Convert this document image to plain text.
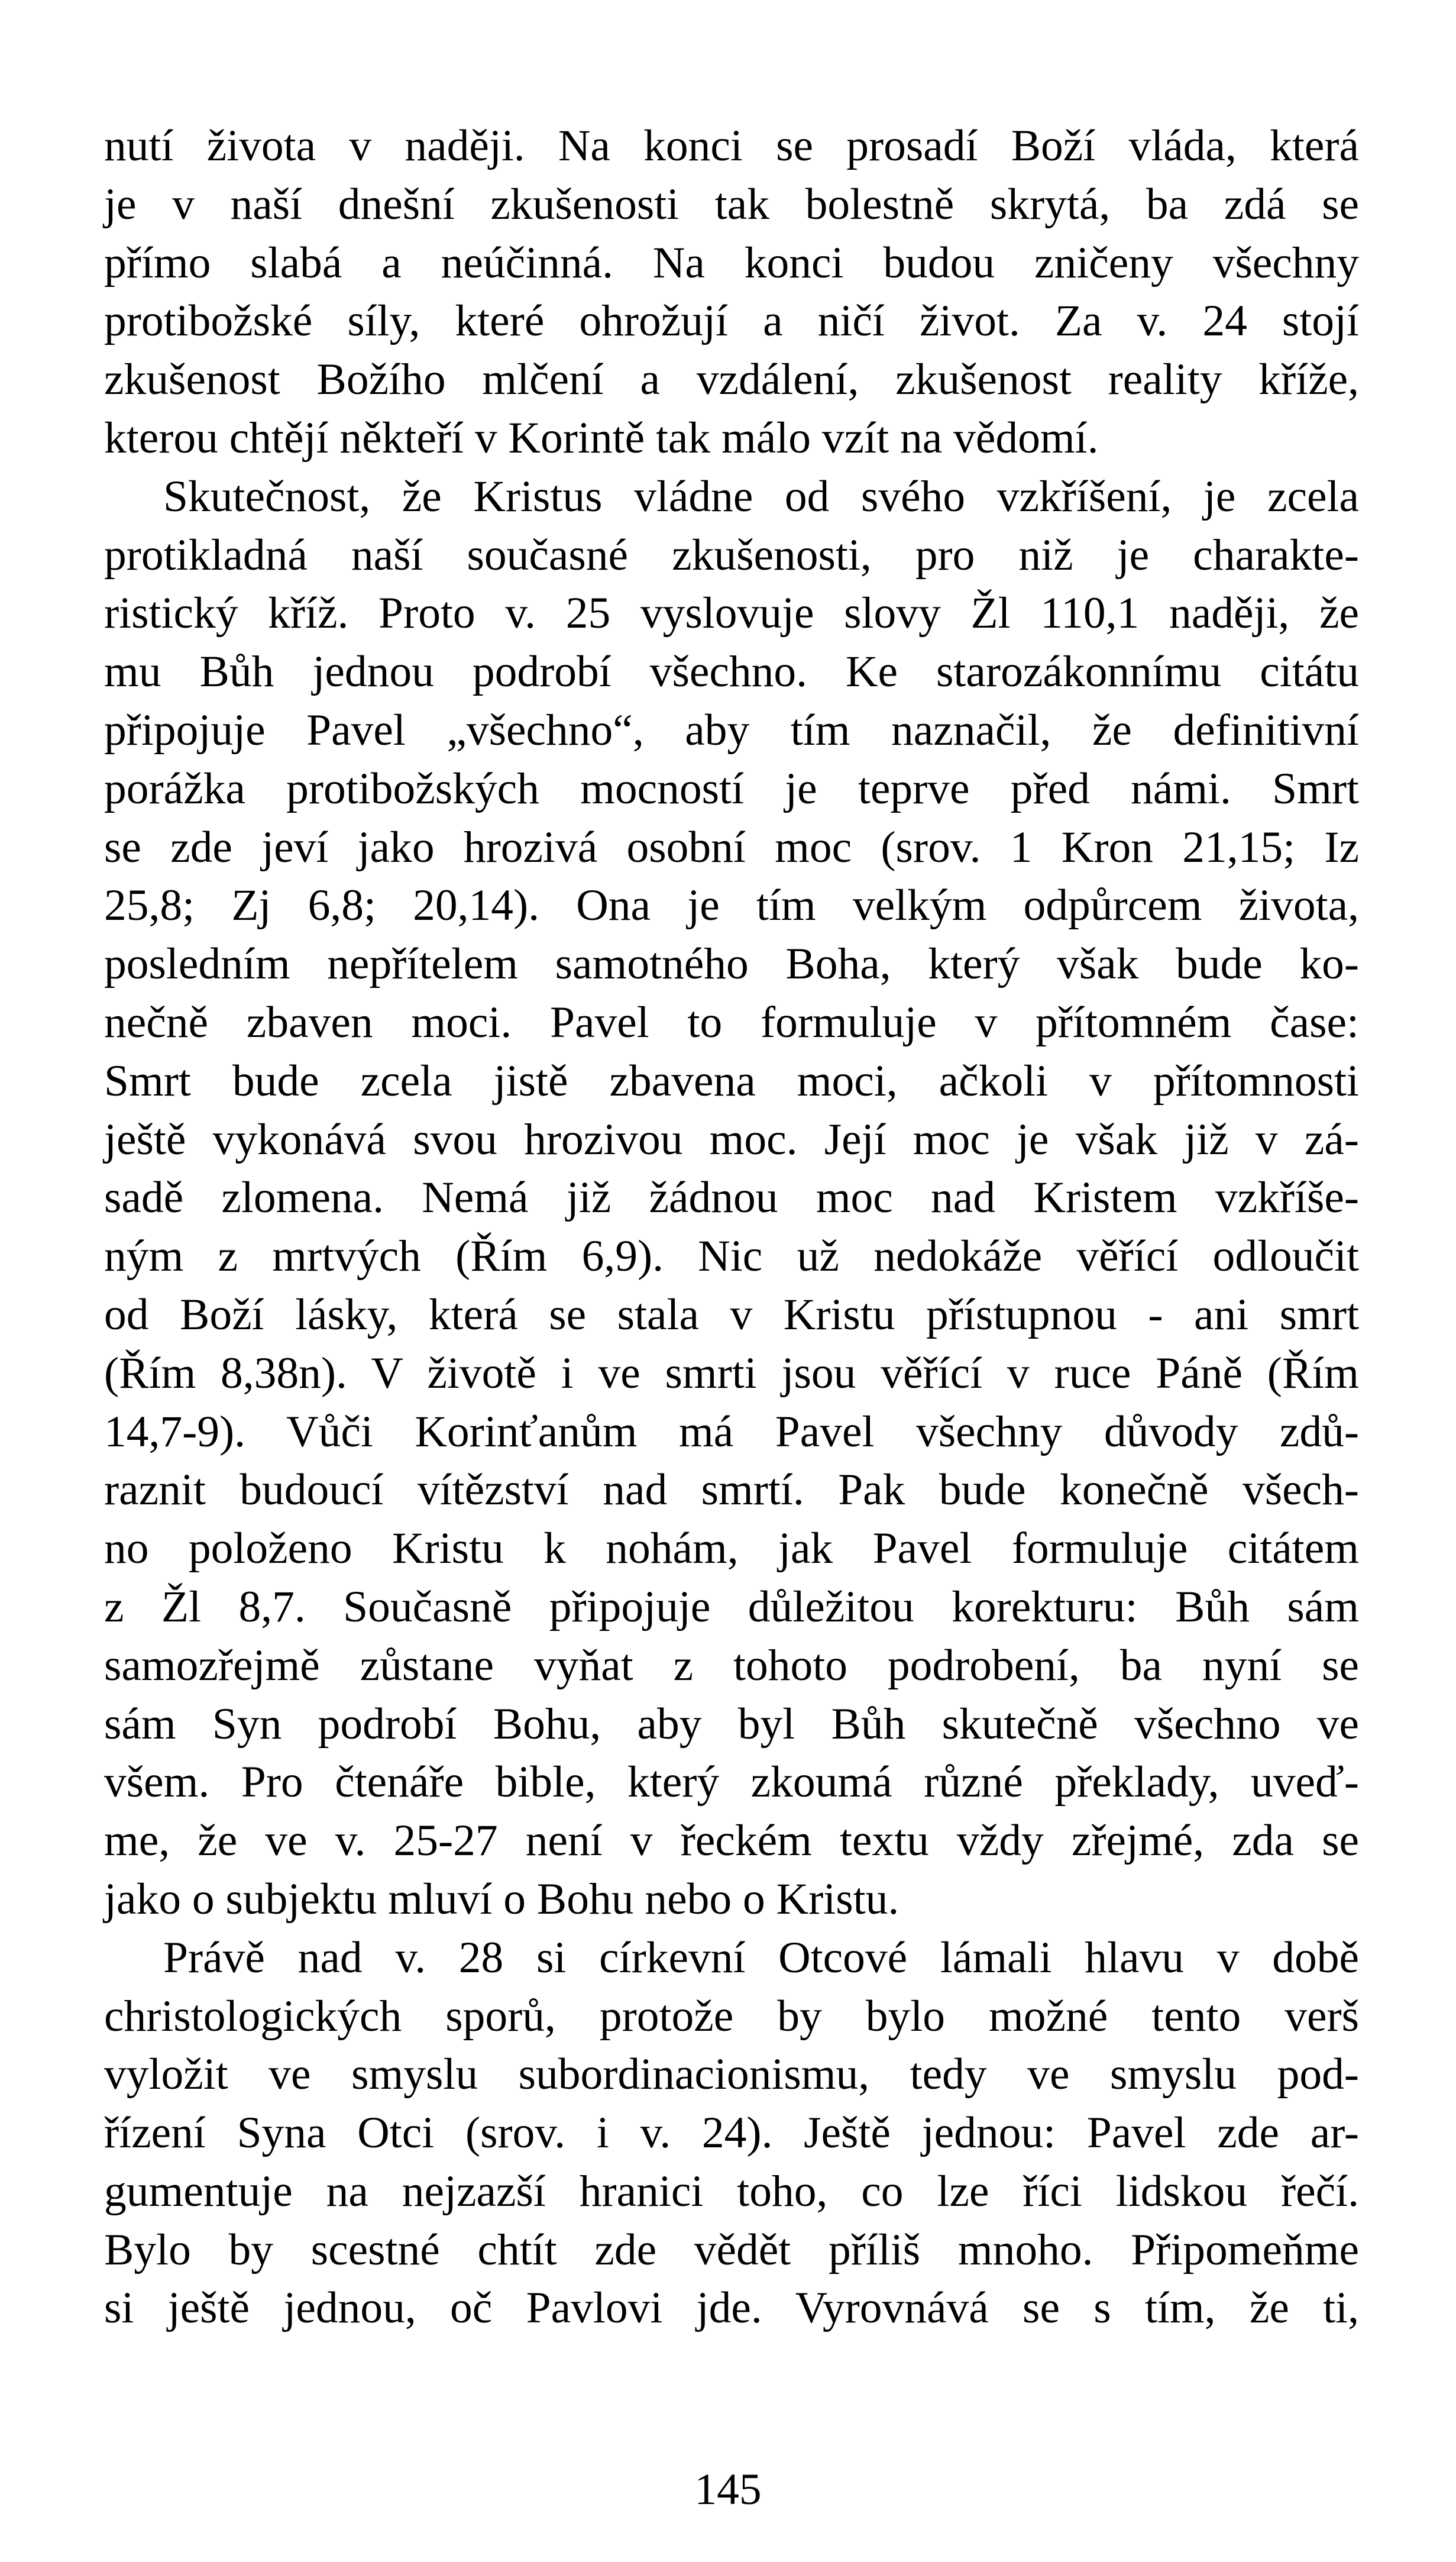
nutí života v naději. Na konci se prosadí Boží vláda, která
je v naší dnešní zkušenosti tak bolestně skrytá, ba zdá se
přímo slabá a neúčinná. Na konci budou zničeny všechny
protibožské síly, které ohrožují a ničí život. Za v. 24 stojí
zkušenost Božího mlčení a vzdálení, zkušenost reality kříže,
kterou chtějí někteří v Korintě tak málo vzít na vědomí.
Skutečnost, že Kristus vládne od svého vzkříšení, je zcela
protikladná naší současné zkušenosti, pro niž je charakte-
ristický kříž. Proto v. 25 vyslovuje slovy Žl 110,1 naději, že
mu Bůh jednou podrobí všechno. Ke starozákonnímu citátu
připojuje Pavel „všechno“, aby tím naznačil, že definitivní
porážka protibožských mocností je teprve před námi. Smrt
se zde jeví jako hrozivá osobní moc (srov. 1 Kron 21,15; Iz
25,8; Zj 6,8; 20,14). Ona je tím velkým odpůrcem života,
posledním nepřítelem samotného Boha, který však bude ko-
nečně zbaven moci. Pavel to formuluje v přítomném čase:
Smrt bude zcela jistě zbavena moci, ačkoli v přítomnosti
ještě vykonává svou hrozivou moc. Její moc je však již v zá-
sadě zlomena. Nemá již žádnou moc nad Kristem vzkříše-
ným z mrtvých (Řím 6,9). Nic už nedokáže věřící odloučit
od Boží lásky, která se stala v Kristu přístupnou - ani smrt
(Řím 8,38n). V životě i ve smrti jsou věřící v ruce Páně (Řím
14,7-9). Vůči Korinťanům má Pavel všechny důvody zdů-
raznit budoucí vítězství nad smrtí. Pak bude konečně všech-
no položeno Kristu k nohám, jak Pavel formuluje citátem
z Žl 8,7. Současně připojuje důležitou korekturu: Bůh sám
samozřejmě zůstane vyňat z tohoto podrobení, ba nyní se
sám Syn podrobí Bohu, aby byl Bůh skutečně všechno ve
všem. Pro čtenáře bible, který zkoumá různé překlady, uveď-
me, že ve v. 25-27 není v řeckém textu vždy zřejmé, zda se
jako o subjektu mluví o Bohu nebo o Kristu.
Právě nad v. 28 si církevní Otcové lámali hlavu v době
christologických sporů, protože by bylo možné tento verš
vyložit ve smyslu subordinacionismu, tedy ve smyslu pod-
řízení Syna Otci (srov. i v. 24). Ještě jednou: Pavel zde ar-
gumentuje na nejzazší hranici toho, co lze říci lidskou řečí.
Bylo by scestné chtít zde vědět příliš mnoho. Připomeňme
si ještě jednou, oč Pavlovi jde. Vyrovnává se s tím, že ti,
145
